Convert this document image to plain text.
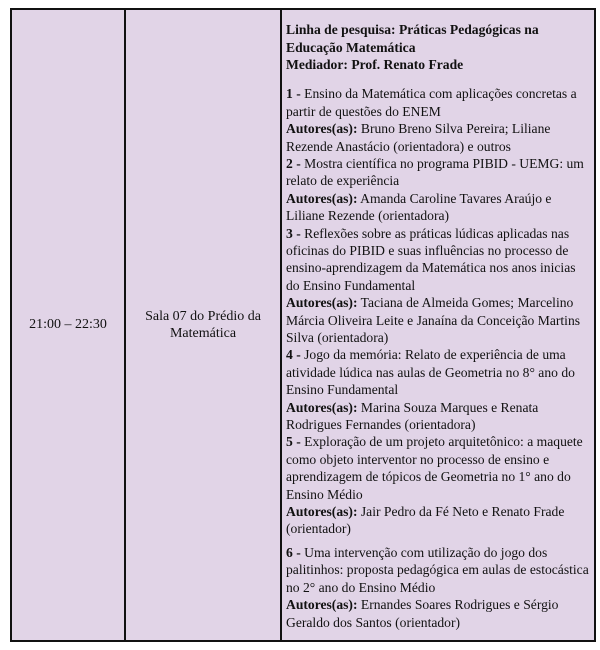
21:00 – 22:30	Sala 07 do Prédio da Matemática	
Linha de pesquisa: Práticas Pedagógicas na Educação Matemática
Mediador: Prof. Renato Frade
1 - Ensino da Matemática com aplicações concretas a partir de questões do ENEM
Autores(as): Bruno Breno Silva Pereira; Liliane Rezende Anastácio (orientadora) e outros
2 - Mostra científica no programa PIBID - UEMG: um relato de experiência
Autores(as): Amanda Caroline Tavares Araújo e Liliane Rezende (orientadora)
3 - Reflexões sobre as práticas lúdicas aplicadas nas oficinas do PIBID e suas influências no processo de ensino-aprendizagem da Matemática nos anos inicias do Ensino Fundamental
Autores(as): Taciana de Almeida Gomes; Marcelino Márcia Oliveira Leite e Janaína da Conceição Martins Silva (orientadora)
4 - Jogo da memória: Relato de experiência de uma atividade lúdica nas aulas de Geometria no 8° ano do Ensino Fundamental
Autores(as): Marina Souza Marques e Renata Rodrigues Fernandes (orientadora)
5 - Exploração de um projeto arquitetônico: a maquete como objeto interventor no processo de ensino e aprendizagem de tópicos de Geometria no 1° ano do Ensino Médio
Autores(as): Jair Pedro da Fé Neto e Renato Frade (orientador)
6 - Uma intervenção com utilização do jogo dos palitinhos: proposta pedagógica em aulas de estocástica no 2° ano do Ensino Médio
Autores(as): Ernandes Soares Rodrigues e Sérgio Geraldo dos Santos (orientador)
